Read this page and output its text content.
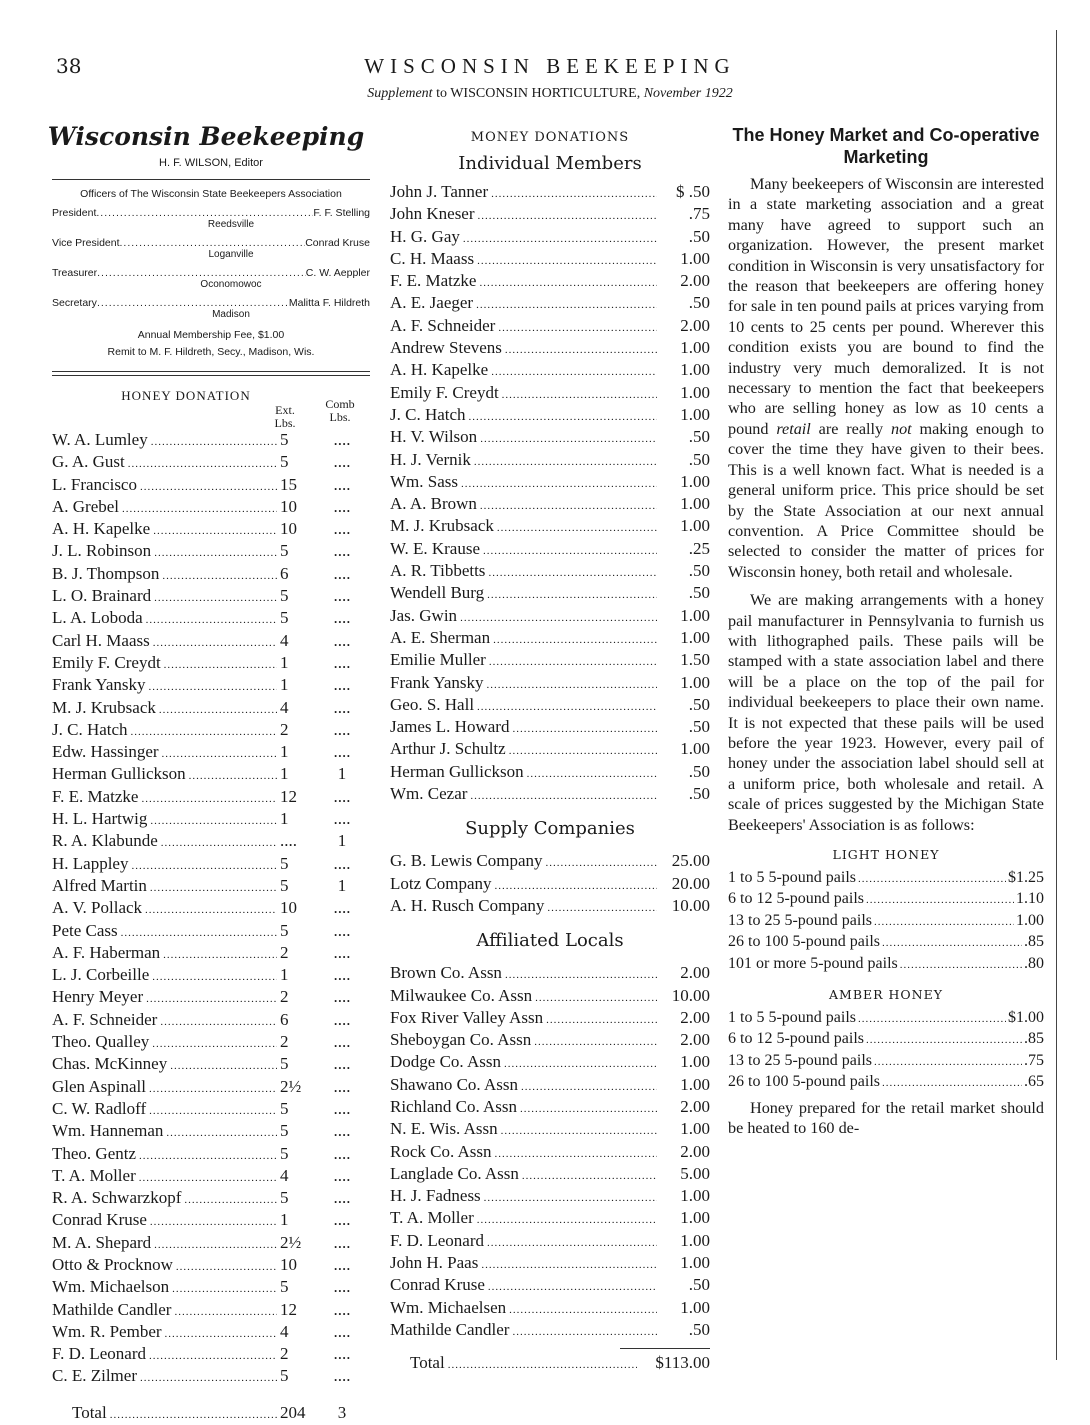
38	WISCONSIN BEEKEEPING
Supplement to WISCONSIN HORTICULTURE, November 1922
Wisconsin Beekeeping
H. F. WILSON, Editor
Officers of The Wisconsin State Beekeepers Association
President .....	F. F. Stelling
Reedsville
Vice President .....	Conrad Kruse
Loganville
Treasurer .....	C. W. Aeppler
Oconomowoc
Secretary .....	Malitta F. Hildreth
Madison
Annual Membership Fee, $1.00
Remit to M. F. Hildreth, Secy., Madison, Wis.
HONEY DONATION
Ext.
Lbs.
Comb
Lbs.
W. A. Lumley .....	5	....
G. A. Gust .....	5	....
L. Francisco .....	15	....
A. Grebel .....	10	....
A. H. Kapelke .....	10	....
J. L. Robinson .....	5	....
B. J. Thompson .....	6	....
L. O. Brainard .....	5	....
L. A. Loboda .....	5	....
Carl H. Maass .....	4	....
Emily F. Creydt .....	1	....
Frank Yansky .....	1	....
M. J. Krubsack .....	4	....
J. C. Hatch .....	2	....
Edw. Hassinger .....	1	....
Herman Gullickson .....	1	1
F. E. Matzke .....	12	....
H. L. Hartwig .....	1	....
R. A. Klabunde .....	....	1
H. Lappley .....	5	....
Alfred Martin .....	5	1
A. V. Pollack .....	10	....
Pete Cass .....	5	....
A. F. Haberman .....	2	....
L. J. Corbeille .....	1	....
Henry Meyer .....	2	....
A. F. Schneider .....	6	....
Theo. Qualley .....	2	....
Chas. McKinney .....	5	....
Glen Aspinall .....	2½	....
C. W. Radloff .....	5	....
Wm. Hanneman .....	5	....
Theo. Gentz .....	5	....
T. A. Moller .....	4	....
R. A. Schwarzkopf .....	5	....
Conrad Kruse .....	1	....
M. A. Shepard .....	2½	....
Otto & Procknow .....	10	....
Wm. Michaelson .....	5	....
Mathilde Candler .....	12	....
Wm. R. Pember .....	4	....
F. D. Leonard .....	2	....
C. E. Zilmer .....	5	....
Total .....	204	3
MONEY DONATIONS
Individual Members
John J. Tanner .....	$ .50
John Kneser .....	.75
H. G. Gay .....	.50
C. H. Maass .....	1.00
F. E. Matzke .....	2.00
A. E. Jaeger .....	.50
A. F. Schneider .....	2.00
Andrew Stevens .....	1.00
A. H. Kapelke .....	1.00
Emily F. Creydt .....	1.00
J. C. Hatch .....	1.00
H. V. Wilson .....	.50
H. J. Vernik .....	.50
Wm. Sass .....	1.00
A. A. Brown .....	1.00
M. J. Krubsack .....	1.00
W. E. Krause .....	.25
A. R. Tibbetts .....	.50
Wendell Burg .....	.50
Jas. Gwin .....	1.00
A. E. Sherman .....	1.00
Emilie Muller .....	1.50
Frank Yansky .....	1.00
Geo. S. Hall .....	.50
James L. Howard .....	.50
Arthur J. Schultz .....	1.00
Herman Gullickson .....	.50
Wm. Cezar .....	.50
Supply Companies
G. B. Lewis Company .....	25.00
Lotz Company .....	20.00
A. H. Rusch Company .....	10.00
Affiliated Locals
Brown Co. Assn .....	2.00
Milwaukee Co. Assn .....	10.00
Fox River Valley Assn .....	2.00
Sheboygan Co. Assn .....	2.00
Dodge Co. Assn .....	1.00
Shawano Co. Assn .....	1.00
Richland Co. Assn .....	2.00
N. E. Wis. Assn .....	1.00
Rock Co. Assn .....	2.00
Langlade Co. Assn .....	5.00
H. J. Fadness .....	1.00
T. A. Moller .....	1.00
F. D. Leonard .....	1.00
John H. Paas .....	1.00
Conrad Kruse .....	.50
Wm. Michaelsen .....	1.00
Mathilde Candler .....	.50
Total .....	$113.00
The Honey Market and Co-operative Marketing
Many beekeepers of Wisconsin are interested in a state marketing association and a great many have agreed to support such an organization. However, the present market condition in Wisconsin is very unsatisfactory for the reason that beekeepers are offering honey for sale in ten pound pails at prices varying from 10 cents to 25 cents per pound. Wherever this condition exists you are bound to find the industry very much demoralized. It is not necessary to mention the fact that beekeepers who are selling honey as low as 10 cents a pound retail are really not making enough to cover the time they have given to their bees. This is a well known fact. What is needed is a general uniform price. This price should be set by the State Association at our next annual convention. A Price Committee should be selected to consider the matter of prices for Wisconsin honey, both retail and wholesale.
We are making arrangements with a honey pail manufacturer in Pennsylvania to furnish us with lithographed pails. These pails will be stamped with a state association label and there will be a place on the top of the pail for individual beekeepers to place their own name. It is not expected that these pails will be used before the year 1923. However, every pail of honey under the association label should sell at a uniform price, both wholesale and retail. A scale of prices suggested by the Michigan State Beekeepers' Association is as follows:
LIGHT HONEY
1 to 5 5-pound pails .....	$1.25
6 to 12 5-pound pails .....	1.10
13 to 25 5-pound pails .....	1.00
26 to 100 5-pound pails .....	.85
101 or more 5-pound pails .....	.80
AMBER HONEY
1 to 5 5-pound pails .....	$1.00
6 to 12 5-pound pails .....	.85
13 to 25 5-pound pails .....	.75
26 to 100 5-pound pails .....	.65
Honey prepared for the retail market should be heated to 160 de-
